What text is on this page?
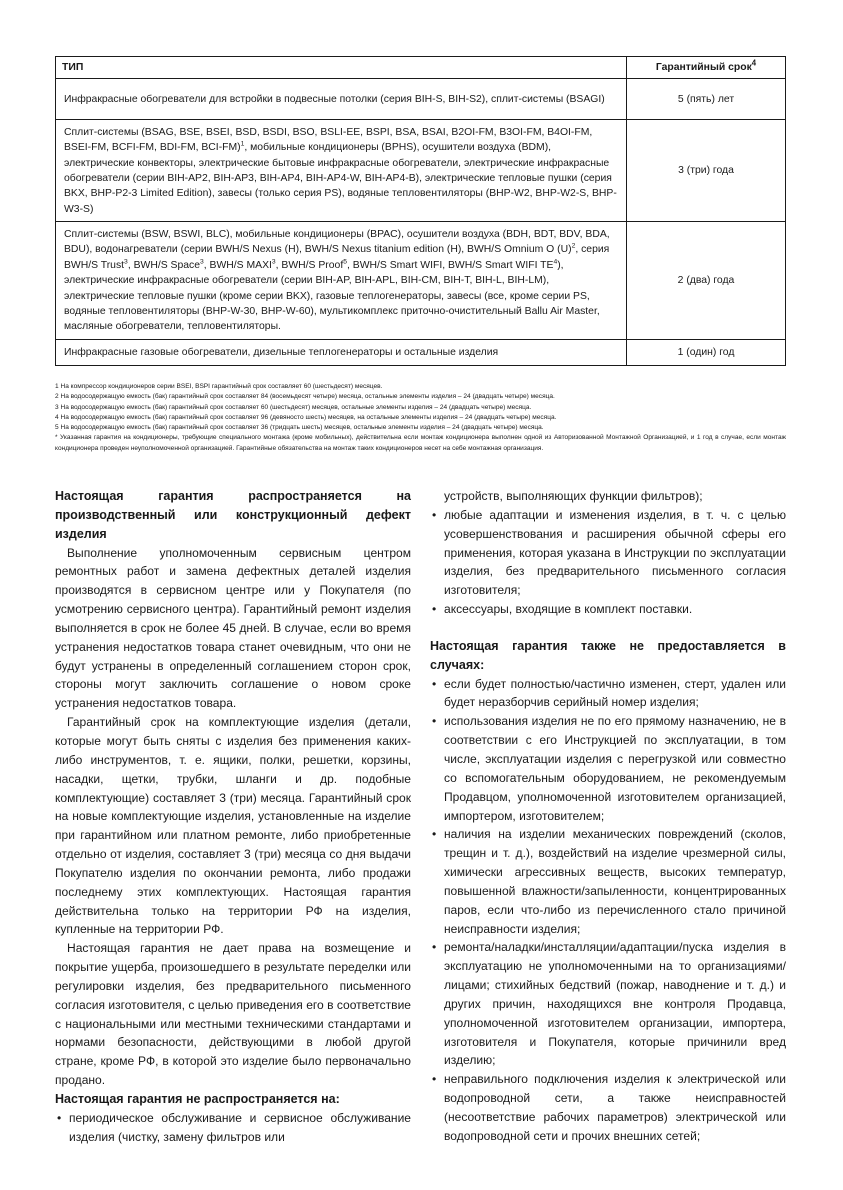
ТИП	Гарантийный срок$^4$
Инфракрасные обогреватели для встройки в подвесные потолки (серия BIH-S, BIH-S2), сплит-системы (BSAGI)	5 (пять) лет
Сплит-системы (BSAG, BSE, BSEI, BSD, BSDI, BSO, BSLI-EE, BSPI, BSA, BSAI, B2OI-FM, B3OI-FM, B4OI-FM, BSEI-FM, BCFI-FM, BDI-FM, BCI-FM)$^1$, мобильные кондиционеры (BPHS), осушители воздуха (BDM), электрические конвекторы, электрические бытовые инфракрасные обогреватели, электрические инфракрасные обогреватели (серии BIH-AP2, BIH-AP3, BIH-AP4, BIH-AP4-W, BIH-AP4-B), электрические тепловые пушки (серия BKX, BHP-P2-3 Limited Edition), завесы (только серия PS), водяные тепловентиляторы (BHP-W2, BHP-W2-S, BHP-W3-S)	3 (три) года
Сплит-системы (BSW, BSWI, BLC), мобильные кондиционеры (BPAC), осушители воздуха (BDH, BDT, BDV, BDA, BDU), водонагреватели (серии BWH/S Nexus (H), BWH/S Nexus titanium edition (H), BWH/S Omnium O $(U)^2$, серия BWH/S Trust$^3$, BWH/S Space$^3$, BWH/S MAXI$^3$, BWH/S Proof$^5$, BWH/S Smart WIFI, BWH/S Smart WIFI $TE^4$), электрические инфракрасные обогреватели (серии BIH-AP, BIH-APL, BIH-CM, BIH-T, BIH-L, BIH-LM), электрические тепловые пушки (кроме серии BKX), газовые теплогенераторы, завесы (все, кроме серии PS, водяные тепловентиляторы (BHP-W-30, BHP-W-60), мультикомплекс приточно-очистительный Ballu Air Master, масляные обогреватели, тепловентиляторы.	2 (два) года
Инфракрасные газовые обогреватели, дизельные теплогенераторы и остальные изделия	1 (один) год
1 На компрессор кондиционеров серии BSEI, BSPI гарантийный срок составляет 60 (шестьдесят) месяцев.
2 На водосодержащую емкость (бак) гарантийный срок составляет 84 (восемьдесят четыре) месяца, остальные элементы изделия – 24 (двадцать четыре) месяца.
3 На водосодержащую емкость (бак) гарантийный срок составляет 60 (шестьдесят) месяцев, остальные элементы изделия – 24 (двадцать четыре) месяца.
4 На водосодержащую емкость (бак) гарантийный срок составляет 96 (девяносто шесть) месяцев, на остальные элементы изделия – 24 (двадцать четыре) месяца.
5 На водосодержащую емкость (бак) гарантийный срок составляет 36 (тридцать шесть) месяцев, остальные элементы изделия – 24 (двадцать четыре) месяца.
* Указанная гарантия на кондиционеры, требующие специального монтажа (кроме мобильных), действительна если монтаж кондиционера выполнен одной из Авторизованной Монтажной Организацией, и 1 год в случае, если монтаж кондиционера проведен неуполномоченной организацией. Гарантийные обязательства на монтаж таких кондиционеров несет на себе монтажная организация.
Настоящая гарантия распространяется на производственный или конструкционный дефект изделия

Выполнение уполномоченным сервисным центром ремонтных работ и замена дефектных деталей изделия производятся в сервисном центре или у Покупателя (по усмотрению сервисного центра). Гарантийный ремонт изделия выполняется в срок не более 45 дней. В случае, если во время устранения недостатков товара станет очевидным, что они не будут устранены в определенный соглашением сторон срок, стороны могут заключить соглашение о новом сроке устранения недостатков товара.

Гарантийный срок на комплектующие изделия (детали, которые могут быть сняты с изделия без применения каких-либо инструментов, т. е. ящики, полки, решетки, корзины, насадки, щетки, трубки, шланги и др. подобные комплектующие) составляет 3 (три) месяца. Гарантийный срок на новые комплектующие изделия, установленные на изделие при гарантийном или платном ремонте, либо приобретенные отдельно от изделия, составляет 3 (три) месяца со дня выдачи Покупателю изделия по окончании ремонта, либо продажи последнему этих комплектующих. Настоящая гарантия действительна только на территории РФ на изделия, купленные на территории РФ.

Настоящая гарантия не дает права на возмещение и покрытие ущерба, произошедшего в результате переделки или регулировки изделия, без предварительного письменного согласия изготовителя, с целью приведения его в соответствие с национальными или местными техническими стандартами и нормами безопасности, действующими в любой другой стране, кроме РФ, в которой это изделие было первоначально продано.

Настоящая гарантия не распространяется на:
• периодическое обслуживание и сервисное обслуживание изделия (чистку, замену фильтров или

устройств, выполняющих функции фильтров);

• любые адаптации и изменения изделия, в т. ч. с целью усовершенствования и расширения обычной сферы его применения, которая указана в Инструкции по эксплуатации изделия, без предварительного письменного согласия изготовителя;
• аксессуары, входящие в комплект поставки.
Настоящая гарантия также не предоставляется в случаях:
• если будет полностью/частично изменен, стерт, удален или будет неразборчив серийный номер изделия;
• использования изделия не по его прямому назначению, не в соответствии с его Инструкцией по эксплуатации, в том числе, эксплуатации изделия с перегрузкой или совместно со вспомогательным оборудованием, не рекомендуемым Продавцом, уполномоченной изготовителем организацией, импортером, изготовителем;
• наличия на изделии механических повреждений (сколов, трещин и т. д.), воздействий на изделие чрезмерной силы, химически агрессивных веществ, высоких температур, повышенной влажности/запыленности, концентрированных паров, если что-либо из перечисленного стало причиной неисправности изделия;
• ремонта/наладки/инсталляции/адаптации/пуска изделия в эксплуатацию не уполномоченными на то организациями/лицами; стихийных бедствий (пожар, наводнение и т. д.) и других причин, находящихся вне контроля Продавца, уполномоченной изготовителем организации, импортера, изготовителя и Покупателя, которые причинили вред изделию;
• неправильного подключения изделия к электрической или водопроводной сети, а также неисправностей (несоответствие рабочих параметров) электрической или водопроводной сети и прочих внешних сетей;
